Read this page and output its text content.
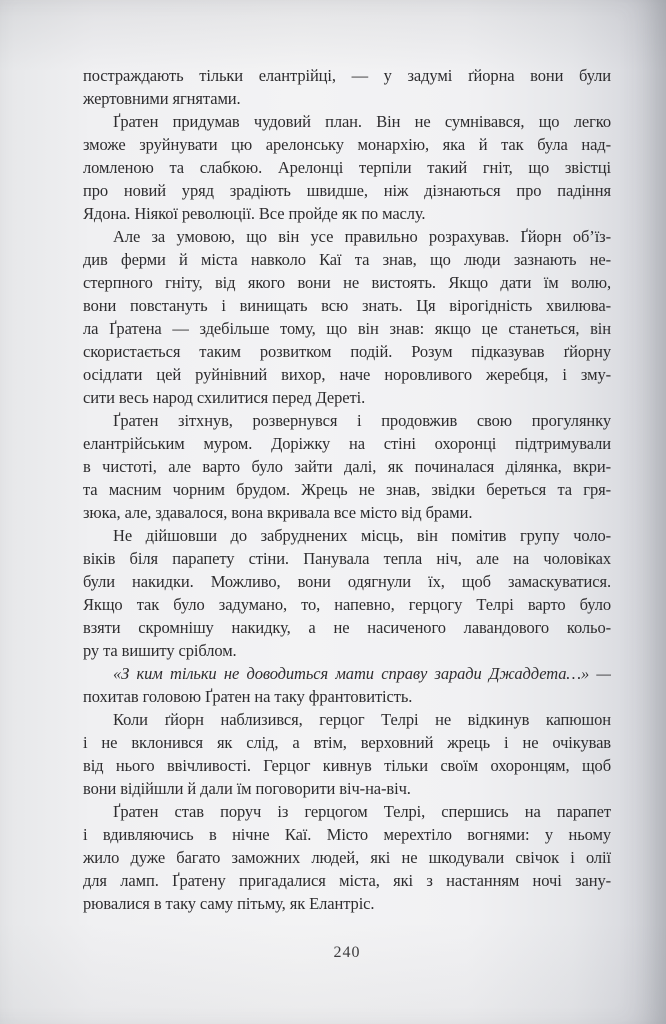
постраждають тільки елантрійці, — у задумі ґйорна вони були
жертовними ягнятами.
Ґратен придумав чудовий план. Він не сумнівався, що легко
зможе зруйнувати цю арелонську монархію, яка й так була над-
ломленою та слабкою. Арелонці терпіли такий гніт, що звістці
про новий уряд зрадіють швидше, ніж дізнаються про падіння
Ядона. Ніякої революції. Все пройде як по маслу.
Але за умовою, що він усе правильно розрахував. Ґйорн об’їз-
див ферми й міста навколо Каї та знав, що люди зазнають не-
стерпного гніту, від якого вони не вистоять. Якщо дати їм волю,
вони повстануть і винищать всю знать. Ця вірогідність хвилюва-
ла Ґратена — здебільше тому, що він знав: якщо це станеться, він
скористається таким розвитком подій. Розум підказував ґйорну
осідлати цей руйнівний вихор, наче норовливого жеребця, і зму-
сити весь народ схилитися перед Дереті.
Ґратен зітхнув, розвернувся і продовжив свою прогулянку
елантрійським муром. Доріжку на стіні охоронці підтримували
в чистоті, але варто було зайти далі, як починалася ділянка, вкри-
та масним чорним брудом. Жрець не знав, звідки береться та гря-
зюка, але, здавалося, вона вкривала все місто від брами.
Не дійшовши до забруднених місць, він помітив групу чоло-
віків біля парапету стіни. Панувала тепла ніч, але на чоловіках
були накидки. Можливо, вони одягнули їх, щоб замаскуватися.
Якщо так було задумано, то, напевно, герцогу Телрі варто було
взяти скромнішу накидку, а не насиченого лавандового кольо-
ру та вишиту сріблом.
«З ким тільки не доводиться мати справу заради Джаддета…» —
похитав головою Ґратен на таку франтовитість.
Коли ґйорн наблизився, герцог Телрі не відкинув капюшон
і не вклонився як слід, а втім, верховний жрець і не очікував
від нього ввічливості. Герцог кивнув тільки своїм охоронцям, щоб
вони відійшли й дали їм поговорити віч-на-віч.
Ґратен став поруч із герцогом Телрі, спершись на парапет
і вдивляючись в нічне Каї. Місто мерехтіло вогнями: у ньому
жило дуже багато заможних людей, які не шкодували свічок і олії
для ламп. Ґратену пригадалися міста, які з настанням ночі зану-
рювалися в таку саму пітьму, як Елантріс.
240
